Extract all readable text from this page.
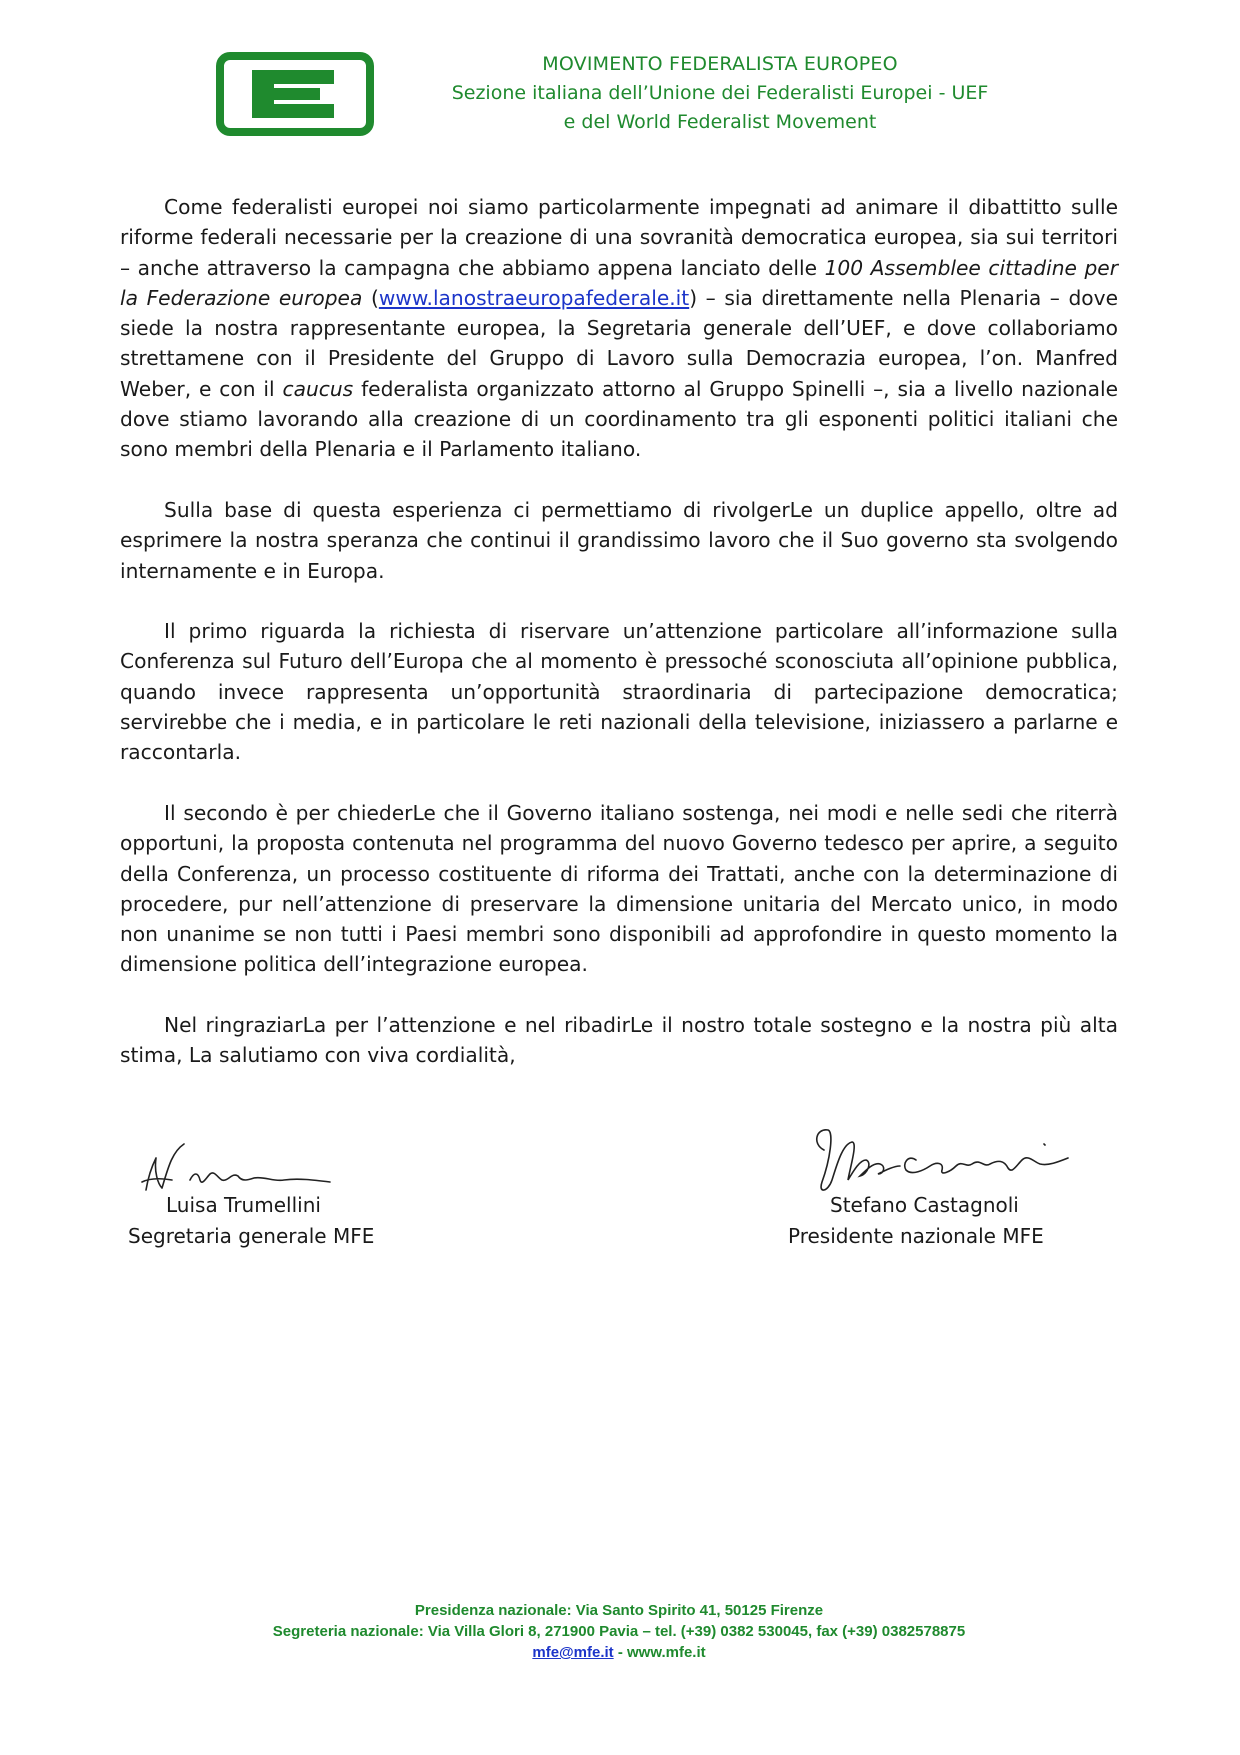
MOVIMENTO FEDERALISTA EUROPEO
Sezione italiana dell’Unione dei Federalisti Europei - UEF
e del World Federalist Movement

Come federalisti europei noi siamo particolarmente impegnati ad animare il dibattitto sulle riforme federali necessarie per la creazione di una sovranità democratica europea, sia sui territori – anche attraverso la campagna che abbiamo appena lanciato delle 100 Assemblee cittadine per la Federazione europea (www.lanostraeuropafederale.it) – sia direttamente nella Plenaria – dove siede la nostra rappresentante europea, la Segretaria generale dell’UEF, e dove collaboriamo strettamene con il Presidente del Gruppo di Lavoro sulla Democrazia europea, l’on. Manfred Weber, e con il caucus federalista organizzato attorno al Gruppo Spinelli –, sia a livello nazionale dove stiamo lavorando alla creazione di un coordinamento tra gli esponenti politici italiani che sono membri della Plenaria e il Parlamento italiano.

Sulla base di questa esperienza ci permettiamo di rivolgerLe un duplice appello, oltre ad esprimere la nostra speranza che continui il grandissimo lavoro che il Suo governo sta svolgendo internamente e in Europa.

Il primo riguarda la richiesta di riservare un’attenzione particolare all’informazione sulla Conferenza sul Futuro dell’Europa che al momento è pressoché sconosciuta all’opinione pubblica, quando invece rappresenta un’opportunità straordinaria di partecipazione democratica; servirebbe che i media, e in particolare le reti nazionali della televisione, iniziassero a parlarne e raccontarla.

Il secondo è per chiederLe che il Governo italiano sostenga, nei modi e nelle sedi che riterrà opportuni, la proposta contenuta nel programma del nuovo Governo tedesco per aprire, a seguito della Conferenza, un processo costituente di riforma dei Trattati, anche con la determinazione di procedere, pur nell’attenzione di preservare la dimensione unitaria del Mercato unico, in modo non unanime se non tutti i Paesi membri sono disponibili ad approfondire in questo momento la dimensione politica dell’integrazione europea.

Nel ringraziarLa per l’attenzione e nel ribadirLe il nostro totale sostegno e la nostra più alta stima, La salutiamo con viva cordialità,

Luisa Trumellini
Segretaria generale MFE
Stefano Castagnoli
Presidente nazionale MFE
Presidenza nazionale: Via Santo Spirito 41, 50125 Firenze
Segreteria nazionale: Via Villa Glori 8, 271900 Pavia – tel. (+39) 0382 530045, fax (+39) 0382578875
mfe@mfe.it - www.mfe.it
